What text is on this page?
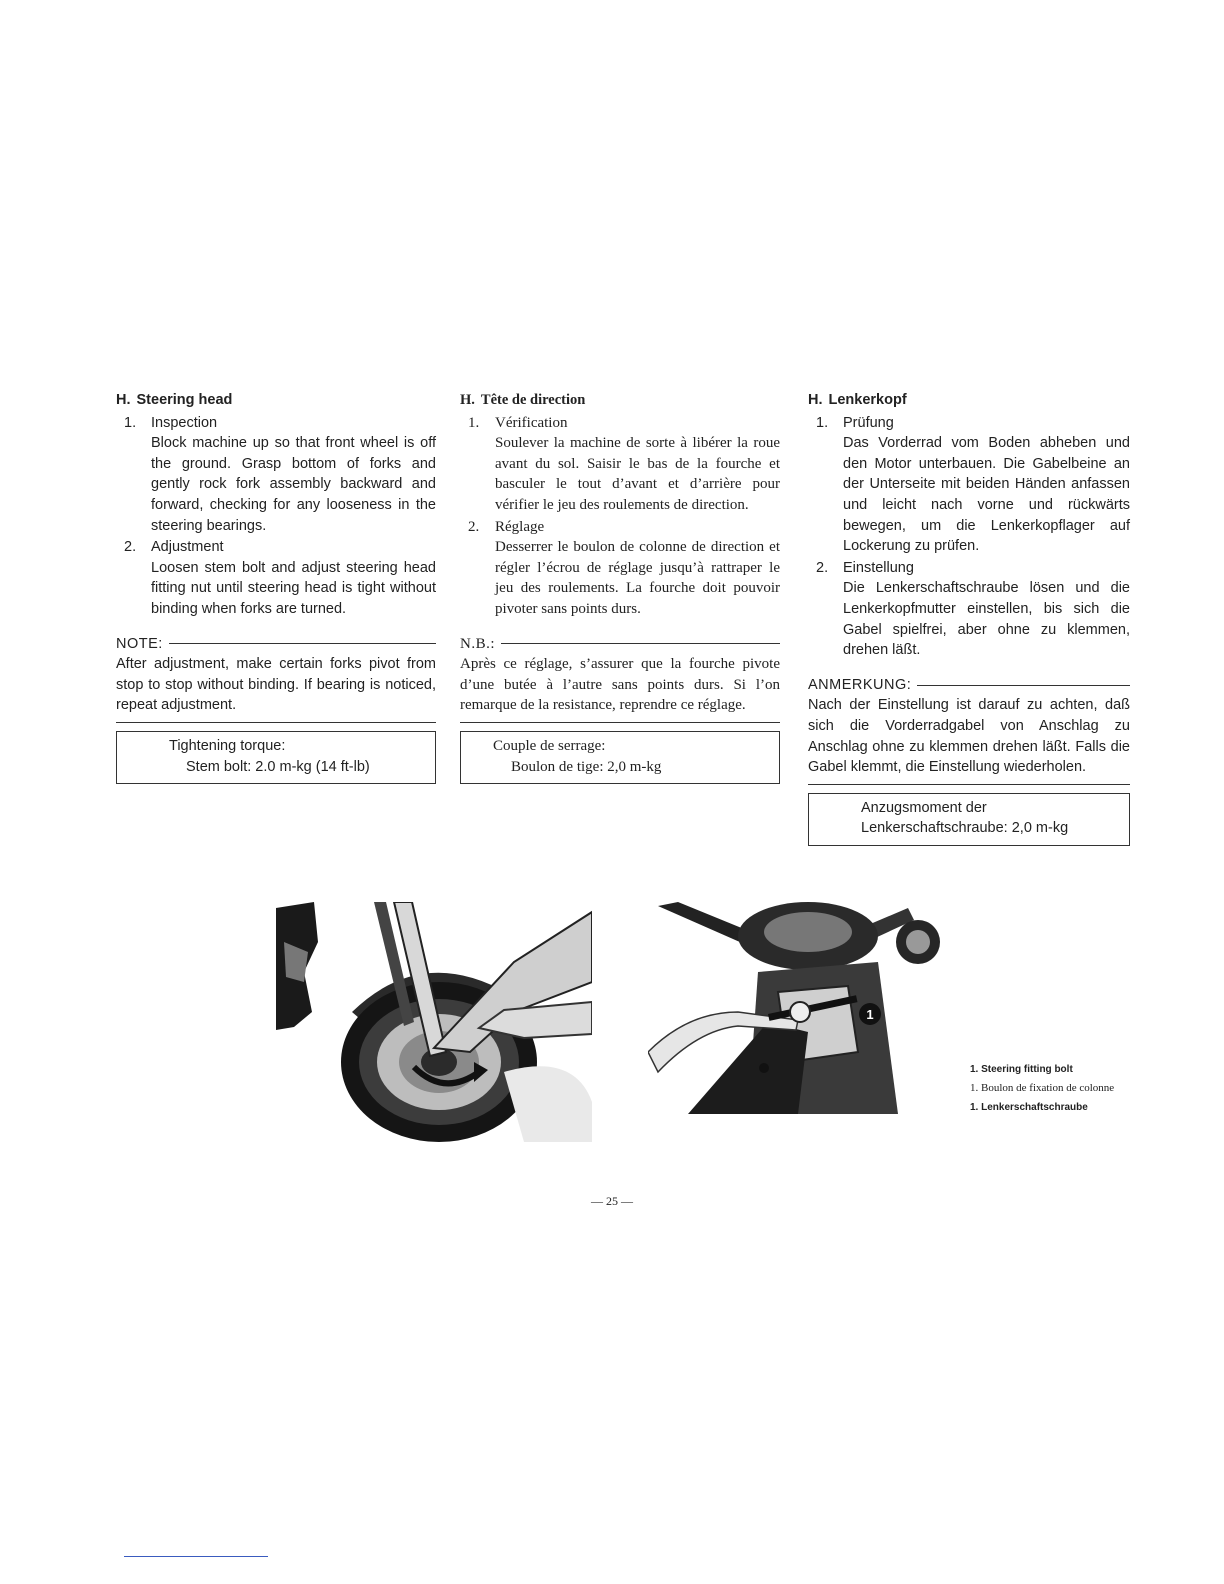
H. Steering head
1. Inspection
Block machine up so that front wheel is off the ground. Grasp bottom of forks and gently rock fork assembly backward and forward, checking for any looseness in the steering bearings.
2. Adjustment
Loosen stem bolt and adjust steering head fitting nut until steering head is tight without binding when forks are turned.
NOTE:
After adjustment, make certain forks pivot from stop to stop without binding. If bearing is noticed, repeat adjustment.
Tightening torque:
Stem bolt: 2.0 m-kg (14 ft-lb)
H. Tête de direction
1. Vérification
Soulever la machine de sorte à libérer la roue avant du sol. Saisir le bas de la fourche et basculer le tout d’avant et d’arrière pour vérifier le jeu des roulements de direction.
2. Réglage
Desserrer le boulon de colonne de direction et régler l’écrou de réglage jusqu’à rattraper le jeu des roulements. La fourche doit pouvoir pivoter sans points durs.
N.B.:
Après ce réglage, s’assurer que la fourche pivote d’une butée à l’autre sans points durs. Si l’on remarque de la resistance, reprendre ce réglage.
Couple de serrage:
Boulon de tige: 2,0 m-kg
H. Lenkerkopf
1. Prüfung
Das Vorderrad vom Boden abheben und den Motor unterbauen. Die Gabelbeine an der Unterseite mit beiden Händen anfassen und leicht nach vorne und rückwärts bewegen, um die Lenkerkopflager auf Lockerung zu prüfen.
2. Einstellung
Die Lenkerschaftschraube lösen und die Lenkerkopfmutter einstellen, bis sich die Gabel spielfrei, aber ohne zu klemmen, drehen läßt.
ANMERKUNG:
Nach der Einstellung ist darauf zu achten, daß sich die Vorderradgabel von Anschlag zu Anschlag ohne zu klemmen drehen läßt. Falls die Gabel klemmt, die Einstellung wiederholen.
Anzugsmoment der
Lenkerschaftschraube: 2,0 m-kg
1
1. Steering fitting bolt
1. Boulon de fixation de colonne
1. Lenkerschaftschraube
— 25 —
